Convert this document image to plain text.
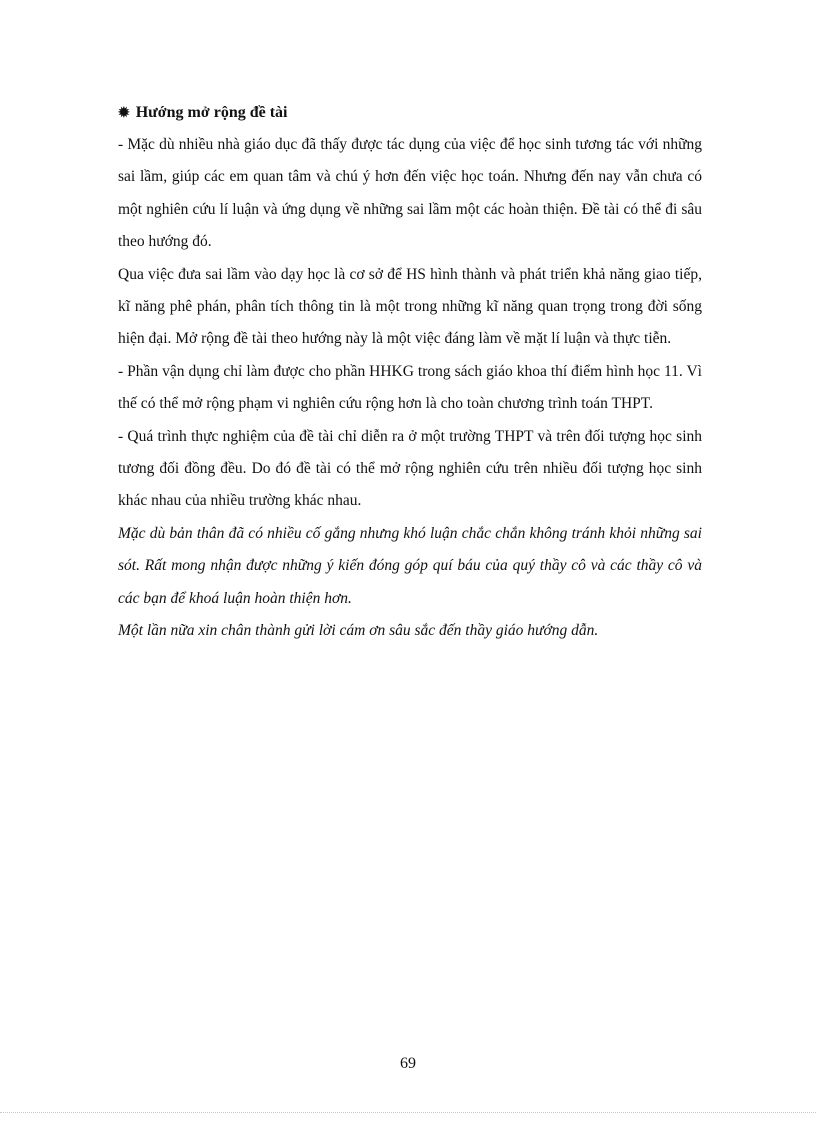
✹ Hướng mở rộng đề tài

- Mặc dù nhiều nhà giáo dục đã thấy được tác dụng của việc để học sinh tương tác với những sai lầm, giúp các em quan tâm và chú ý hơn đến việc học toán. Nhưng đến nay vẫn chưa có một nghiên cứu lí luận và ứng dụng về những sai lầm một các hoàn thiện. Đề tài có thể đi sâu theo hướng đó.

Qua việc đưa sai lầm vào dạy học là cơ sở để HS hình thành và phát triển khả năng giao tiếp, kĩ năng phê phán, phân tích thông tin là một trong những kĩ năng quan trọng trong đời sống hiện đại. Mở rộng đề tài theo hướng này là một việc đáng làm về mặt lí luận và thực tiễn.

- Phần vận dụng chỉ làm được cho phần HHKG trong sách giáo khoa thí điểm hình học 11. Vì thế có thể mở rộng phạm vi nghiên cứu rộng hơn là cho toàn chương trình toán THPT.

- Quá trình thực nghiệm của đề tài chỉ diễn ra ở một trường THPT và trên đối tượng học sinh tương đối đồng đều. Do đó đề tài có thể mở rộng nghiên cứu trên nhiều đối tượng học sinh khác nhau của nhiều trường khác nhau.

Mặc dù bản thân đã có nhiều cố gắng nhưng khó luận chắc chắn không tránh khỏi những sai sót. Rất mong nhận được những ý kiến đóng góp quí báu của quý thầy cô và các thầy cô và các bạn để khoá luận hoàn thiện hơn.

Một lần nữa xin chân thành gửi lời cám ơn sâu sắc đến thầy giáo hướng dẫn.

69
